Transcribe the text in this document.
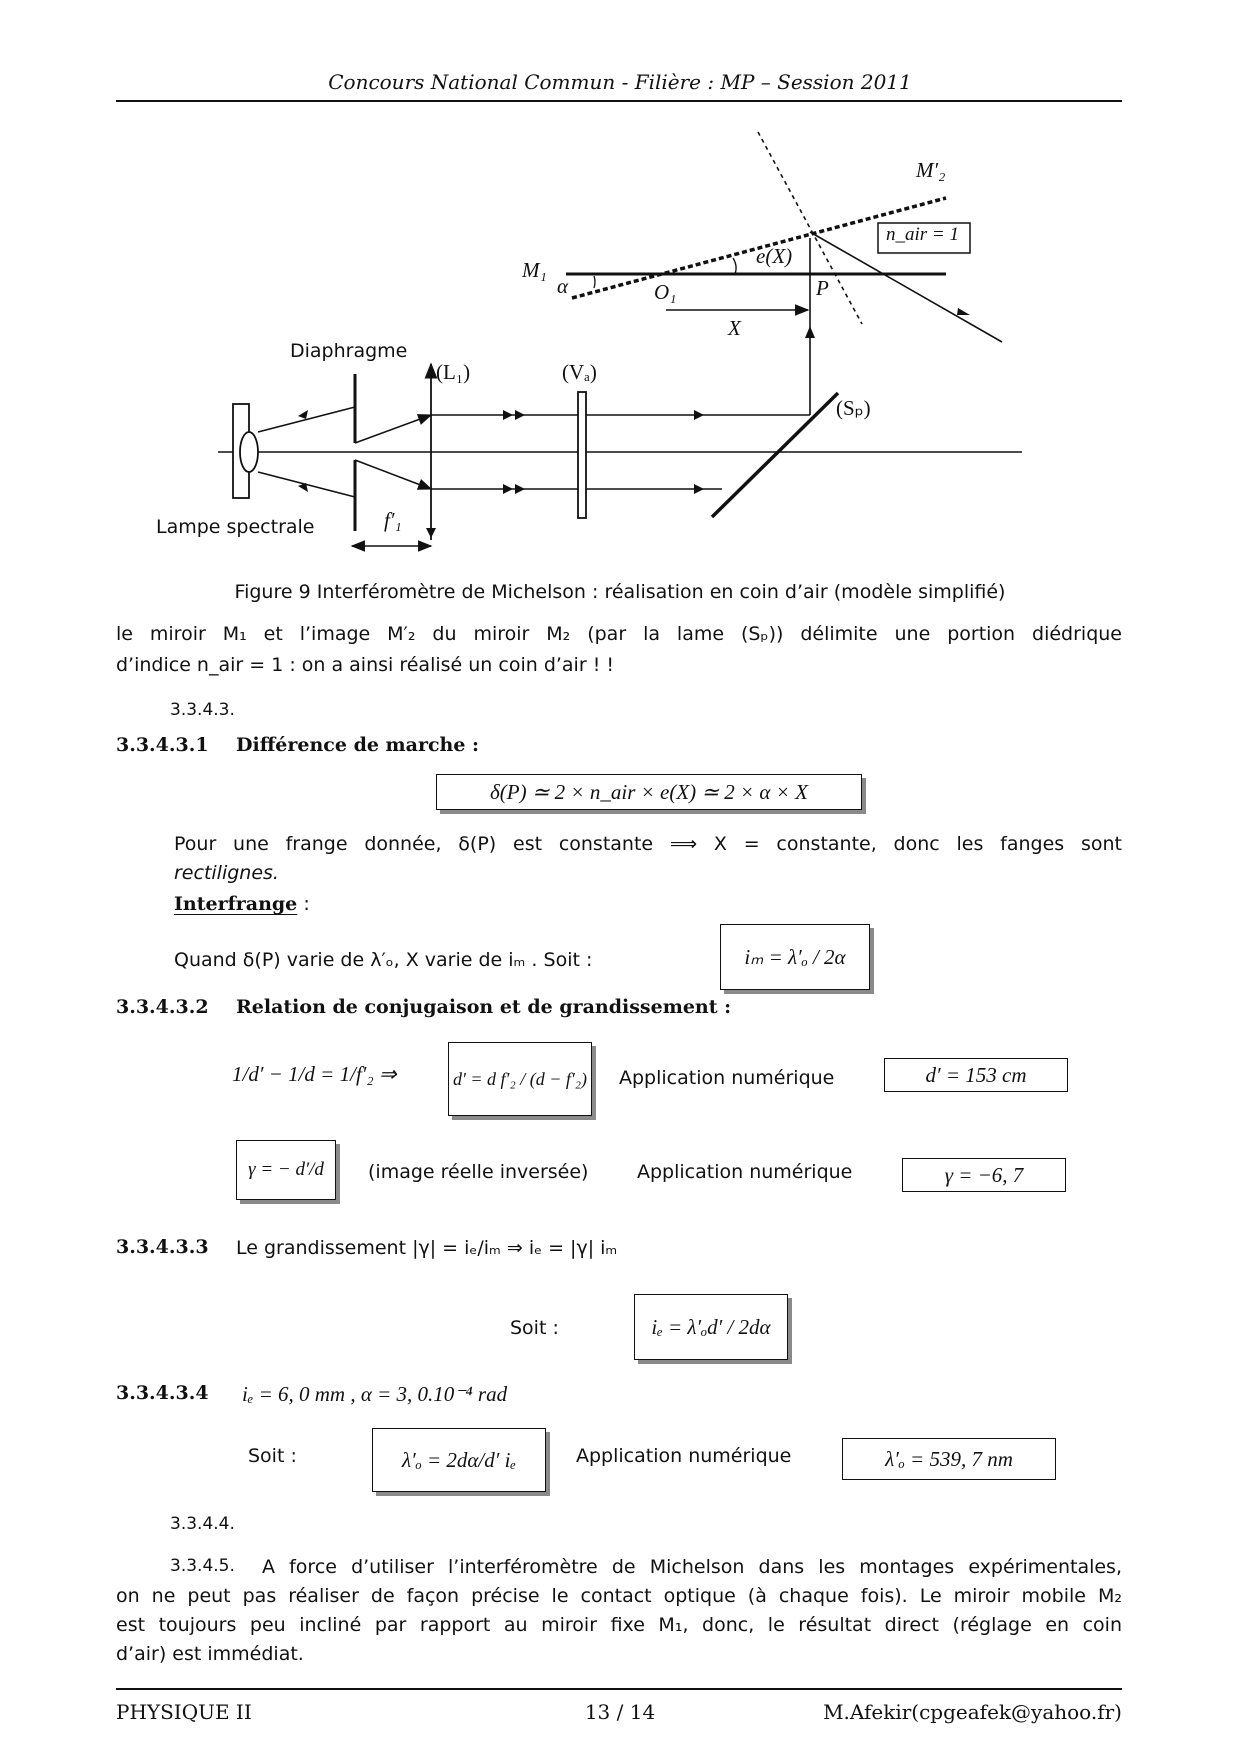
Concours National Commun - Filière : MP – Session 2011
M′₂
n_air = 1
e(X)
M₁
α	O₁	P
X
Diaphragme
(L₁)	(Vₐ)
(Sₚ)
Lampe spectrale	f′₁
Figure 9 Interféromètre de Michelson : réalisation en coin d’air (modèle simplifié)
le miroir M₁ et l’image M′₂ du miroir M₂ (par la lame (Sₚ)) délimite une portion diédrique
d’indice n_air = 1 : on a ainsi réalisé un coin d’air ! !
3.3.4.3.
3.3.4.3.1 Différence de marche :
δ(P) ≃ 2 × n_air × e(X) ≃ 2 × α × X
Pour une frange donnée, δ(P) est constante ⟹ X = constante, donc les fanges sont
rectilignes.
Interfrange :
Quand δ(P) varie de λ′ₒ, X varie de iₘ . Soit :	iₘ = λ′ₒ / 2α
3.3.4.3.2 Relation de conjugaison et de grandissement :
1/d′ − 1/d = 1/f′₂ ⇒	d′ = d f′₂ / (d − f′₂) Application numérique	d′ = 153 cm
γ = − d′/d (image réelle inversée)	Application numérique	γ = −6, 7
3.3.4.3.3 Le grandissement |γ| = iₑ/iₘ ⇒ iₑ = |γ| iₘ
Soit :	iₑ = λ′ₒd′ / 2dα
3.3.4.3.4 iₑ = 6, 0 mm , α = 3, 0.10⁻⁴ rad
Soit :	λ′ₒ = 2dα/d′ iₑ	Application numérique	λ′ₒ = 539, 7 nm
3.3.4.4.
3.3.4.5. A force d’utiliser l’interféromètre de Michelson dans les montages expérimentales,
on ne peut pas réaliser de façon précise le contact optique (à chaque fois). Le miroir mobile M₂
est toujours peu incliné par rapport au miroir fixe M₁, donc, le résultat direct (réglage en coin
d’air) est immédiat.
PHYSIQUE II	13 / 14	M.Afekir(cpgeafek@yahoo.fr)
